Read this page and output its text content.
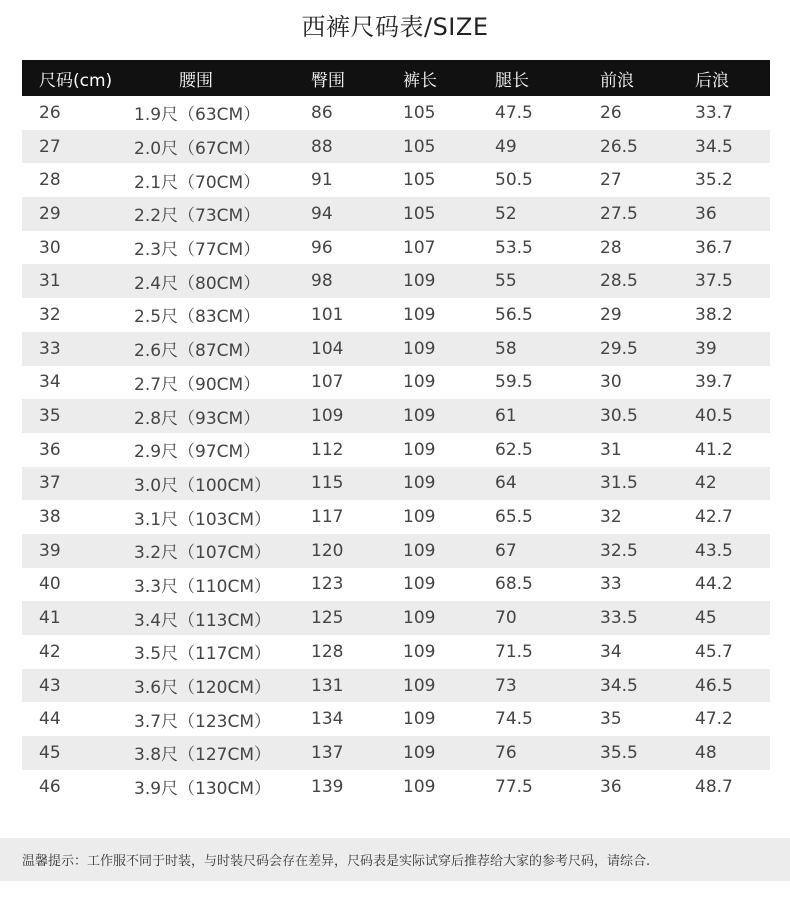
西裤尺码表/SIZE
尺码(cm)	腰围	臀围	裤长	腿长	前浪	后浪
26	1.9尺（63CM）	86	105	47.5	26	33.7
27	2.0尺（67CM）	88	105	49	26.5	34.5
28	2.1尺（70CM）	91	105	50.5	27	35.2
29	2.2尺（73CM）	94	105	52	27.5	36
30	2.3尺（77CM）	96	107	53.5	28	36.7
31	2.4尺（80CM）	98	109	55	28.5	37.5
32	2.5尺（83CM）	101	109	56.5	29	38.2
33	2.6尺（87CM）	104	109	58	29.5	39
34	2.7尺（90CM）	107	109	59.5	30	39.7
35	2.8尺（93CM）	109	109	61	30.5	40.5
36	2.9尺（97CM）	112	109	62.5	31	41.2
37	3.0尺（100CM）	115	109	64	31.5	42
38	3.1尺（103CM）	117	109	65.5	32	42.7
39	3.2尺（107CM）	120	109	67	32.5	43.5
40	3.3尺（110CM）	123	109	68.5	33	44.2
41	3.4尺（113CM）	125	109	70	33.5	45
42	3.5尺（117CM）	128	109	71.5	34	45.7
43	3.6尺（120CM）	131	109	73	34.5	46.5
44	3.7尺（123CM）	134	109	74.5	35	47.2
45	3.8尺（127CM）	137	109	76	35.5	48
46	3.9尺（130CM）	139	109	77.5	36	48.7
温馨提示：工作服不同于时装，与时装尺码会存在差异，尺码表是实际试穿后推荐给大家的参考尺码，请综合.
